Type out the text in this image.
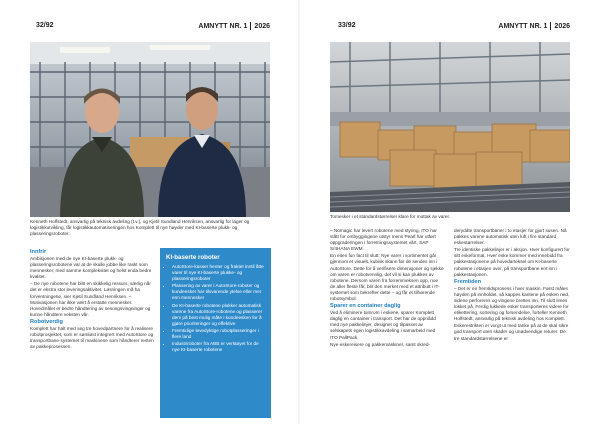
32/92	AMNYTT NR. 1 2026
Kenneth Holfstedt, ansvarlig på teknisk avdeling (t.v.), og Kjetil Sundland Henriksen, ansvarlig for lager og logistikkutvikling, får logistikkautomatiseringen hos Komplett til nye høyder med KI-baserte plukk- og plasseringsroboter.
Innfrir

Ambisjonen med de nye KI-baserte plukk- og plasseringsrobotene var at de skulle jobbe like raskt som mennesker, med samme kompleksitet og helst enda bedre kvalitet.

– De nye robotene har blitt en skikkelig ressurs, særlig når det er ekstra stor leveringsaktivitet. Løsningen må ha forventningene, sier Kjetil Sundland Henriksen. – Motivasjonen har ikke vært å erstatte mennesker. Hovedmålet er bedre håndtering av sesongsvingninger og kunne håndtere veksten vår.

Robotverdig

Komplett har halt med seg tre hovedpartnere for å realisere robotprosjektet, som er sømløst integrert med AutoStore og transportbane-systemet til maskinene som håndterer resten av pakkeprosessen.

KI-baserte roboter
• AutoStore-kasser henter og fraktet inntil åtte varer til nye KI-baserte plukke- og plasseringsroboter
• Plassering av varer i AutoStore-roboter og kundeesker har tilsvarende ytelse eller mer enn mennesker
• De KI-baserte robotene plukker automatisk varene fra AutoStore-robotene og plasserer dem på best mulig måte i kundeesken for å gjøre prioriteringer og effektive
• Fremtidige levedyktige robotplasseringer i flere land
• Industriroboter fra ABB er verktøyet for de nye KI-baserte robotene
33/92	AMNYTT NR. 1 2026
Tomesker i et standardstørrelser klare for mottak av varer.

– Nomagic har levert robotene med styring, ITO har stått for ombyggingene utstyr mens Pearl har utført oppgraderingen i forretningssystemet vårt, SAP S/4HANA EWM.

En eiten fun fact til slutt: Nye varer i sortimentet går gjennom et visuelt, kubisk skann før de sendes inn i AutoStore. Dette for å verifisere dimensjoner og sjekke om varen er robotvennlig, det vil si kan plukkes av robotene. Dersom varen fra forremmeksen opp, noe de aller fleste får, blir den merket med et attributt i IT-systemet som bekrefter dette – og får et tilhørende robotsymbol.

Sparer en container daglig

Ved å eliminere tomrom i eskene, sparer Komplett daglig en container i transport. Det har de oppnådd med nye pakkelinjer, designet og tilpasset av selskapets egen logistikkavdeling i samarbeid med ITO PallPack.

Nye eskereisere og pakkemaskiner, samt skred-

deryddte transportbaner i to etasjer for gjort susen. Nå pakkes varene automatisk uten luft i fire standard eskestørrelser.

Tre identiske pakkelinjer er i aksjon. Hver konfigurert for sitt eskeformat. Hver eske kommer med innebidd fra pakkestasjonene på hovedarteksel om KI-baserte robotene i etasjen over, på transportbane ent inn i pakkestasjonen.

Fremtiden

– Det er en fremtidsprosess i hver maskin. Først måles høyden på innholdet, så kappes kantene på esken ned, sidene perforeres og vingene brettes inn. Til slutt limes lokket på. Ferdig lukkede esker transporteres videre for etikettering, sortering og forsendelse, forteller Kenneth Holfstedt, ansvarlig på teknisk avdeling hos Komplett.

Eskerestrikten er vurgt ut med tanke på at de skal sikre god transport uten skader og unødvendige returer. De tre standardstørrelsene er
